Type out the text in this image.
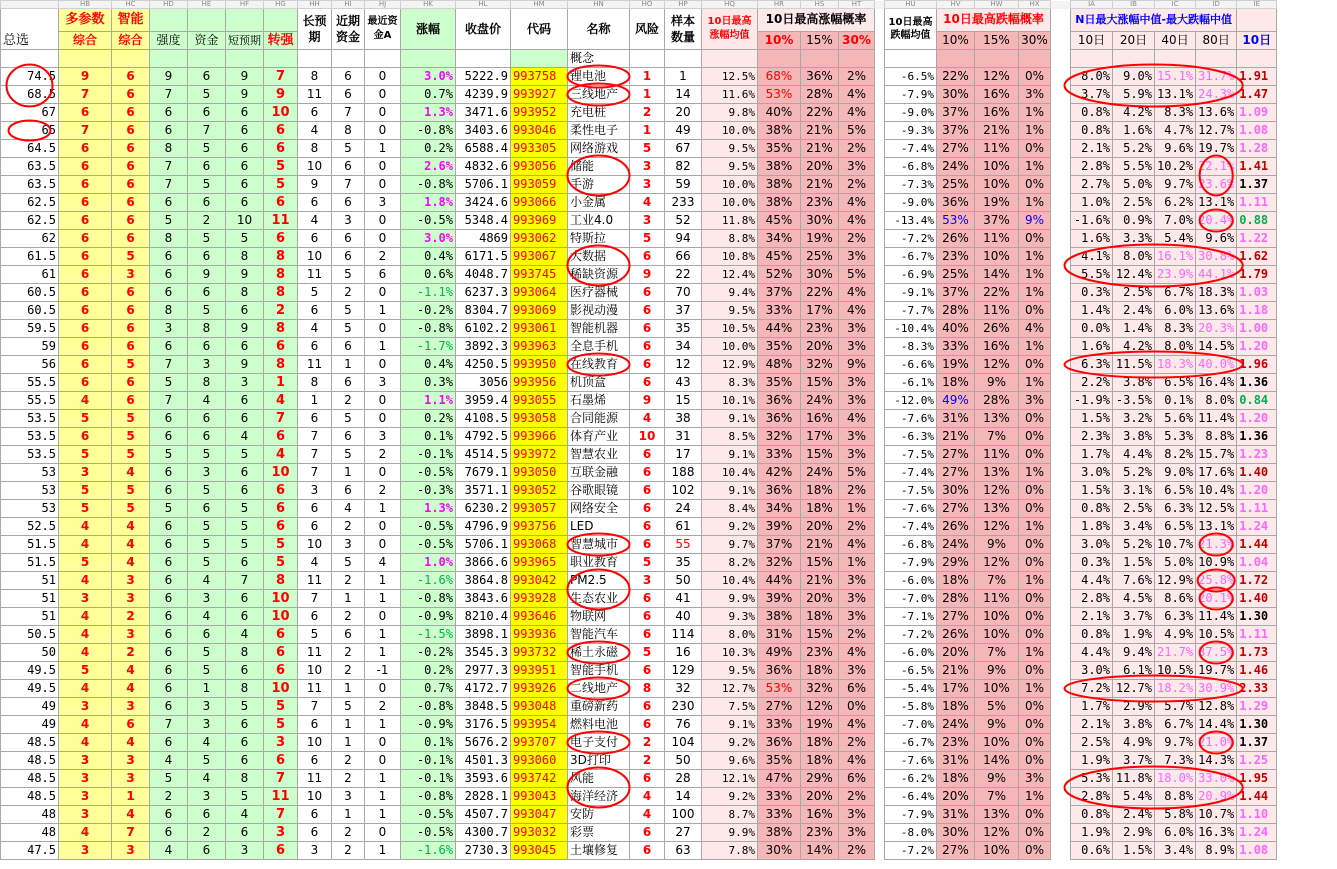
	HB	HC	HD	HE	HF	HG	HH	HI	HJ	HK	HL	HM	HN	HO	HP	HQ	HR	HS	HT		HU	HV	HW	HX		IA	IB	IC	ID	IE
总选	多参数	智能					长预期	近期资金	最近资金A	涨幅	收盘价	代码	名称	风险	样本数量	10日最高涨幅均值	10日最高涨幅概率				10日最高跌幅均值	10日最高跌幅概率				N日最大涨幅中值-最大跌幅中值				
	综合	综合	强度	资金	短预期	转强											10%	15%	30%			10%	15%	30%		10日	20日	40日	80日	10日
													概念																	
74.5	9	6	9	6	9	7	8	6	0	3.0%	5222.9	993758	锂电池	1	1	12.5%	68%	36%	2%		-6.5%	22%	12%	0%		8.0%	9.0%	15.1%	31.7%	1.91
68.5	7	6	7	5	9	9	11	6	0	0.7%	4239.9	993927	三线地产	1	14	11.6%	53%	28%	4%		-7.9%	30%	16%	3%		3.7%	5.9%	13.1%	24.3%	1.47
67	6	6	6	6	6	10	6	7	0	1.3%	3471.6	993952	充电桩	2	20	9.8%	40%	22%	4%		-9.0%	37%	16%	1%		0.8%	4.2%	8.3%	13.6%	1.09
65	7	6	6	7	6	6	4	8	0	-0.8%	3403.6	993046	柔性电子	1	49	10.0%	38%	21%	5%		-9.3%	37%	21%	1%		0.8%	1.6%	4.7%	12.7%	1.08
64.5	6	6	8	5	6	6	8	5	1	0.2%	6588.4	993305	网络游戏	5	67	9.5%	35%	21%	2%		-7.4%	27%	11%	0%		2.1%	5.2%	9.6%	19.7%	1.28
63.5	6	6	7	6	6	5	10	6	0	2.6%	4832.6	993056	储能	3	82	9.5%	38%	20%	3%		-6.8%	24%	10%	1%		2.8%	5.5%	10.2%	22.1%	1.41
63.5	6	6	7	5	6	5	9	7	0	-0.8%	5706.1	993059	手游	3	59	10.0%	38%	21%	2%		-7.3%	25%	10%	0%		2.7%	5.0%	9.7%	23.6%	1.37
62.5	6	6	6	6	6	6	6	6	3	1.8%	3424.6	993066	小金属	4	233	10.0%	38%	23%	4%		-9.0%	36%	19%	1%		1.0%	2.5%	6.2%	13.1%	1.11
62.5	6	6	5	2	10	11	4	3	0	-0.5%	5348.4	993969	工业4.0	3	52	11.8%	45%	30%	4%		-13.4%	53%	37%	9%		-1.6%	0.9%	7.0%	20.4%	0.88
62	6	6	8	5	5	6	6	6	0	3.0%	4869	993062	特斯拉	5	94	8.8%	34%	19%	2%		-7.2%	26%	11%	0%		1.6%	3.3%	5.4%	9.6%	1.22
61.5	6	5	6	6	8	8	10	6	2	0.4%	6171.5	993067	大数据	6	66	10.8%	45%	25%	3%		-6.7%	23%	10%	1%		4.1%	8.0%	16.1%	30.8%	1.62
61	6	3	6	9	9	8	11	5	6	0.6%	4048.7	993745	稀缺资源	9	22	12.4%	52%	30%	5%		-6.9%	25%	14%	1%		5.5%	12.4%	23.9%	44.1%	1.79
60.5	6	6	6	6	8	8	5	2	0	-1.1%	6237.3	993064	医疗器械	6	70	9.4%	37%	22%	4%		-9.1%	37%	22%	1%		0.3%	2.5%	6.7%	18.3%	1.03
60.5	6	6	8	5	6	2	6	5	1	-0.2%	8304.7	993069	影视动漫	6	37	9.5%	33%	17%	4%		-7.7%	28%	11%	0%		1.4%	2.4%	6.0%	13.6%	1.18
59.5	6	6	3	8	9	8	4	5	0	-0.8%	6102.2	993061	智能机器	6	35	10.5%	44%	23%	3%		-10.4%	40%	26%	4%		0.0%	1.4%	8.3%	20.3%	1.00
59	6	6	6	6	6	6	6	6	1	-1.7%	3892.3	993963	全息手机	6	34	10.0%	35%	20%	3%		-8.3%	33%	16%	1%		1.6%	4.2%	8.0%	14.5%	1.20
56	6	5	7	3	9	8	11	1	0	0.4%	4250.5	993950	在线教育	6	12	12.9%	48%	32%	9%		-6.6%	19%	12%	0%		6.3%	11.5%	18.3%	40.0%	1.96
55.5	6	6	5	8	3	1	8	6	3	0.3%	3056	993956	机顶盒	6	43	8.3%	35%	15%	3%		-6.1%	18%	9%	1%		2.2%	3.8%	6.5%	16.4%	1.36
55.5	4	6	7	4	6	4	1	2	0	1.1%	3959.4	993055	石墨烯	9	15	10.1%	36%	24%	3%		-12.0%	49%	28%	3%		-1.9%	-3.5%	0.1%	8.0%	0.84
53.5	5	5	6	6	6	7	6	5	0	0.2%	4108.5	993058	合同能源	4	38	9.1%	36%	16%	4%		-7.6%	31%	13%	0%		1.5%	3.2%	5.6%	11.4%	1.20
53.5	6	5	6	6	4	6	7	6	3	0.1%	4792.5	993966	体育产业	10	31	8.5%	32%	17%	3%		-6.3%	21%	7%	0%		2.3%	3.8%	5.3%	8.8%	1.36
53.5	5	5	5	5	5	4	7	5	2	-0.1%	4514.5	993972	智慧农业	6	17	9.1%	33%	15%	3%		-7.5%	27%	11%	0%		1.7%	4.4%	8.2%	15.7%	1.23
53	3	4	6	3	6	10	7	1	0	-0.5%	7679.1	993050	互联金融	6	188	10.4%	42%	24%	5%		-7.4%	27%	13%	1%		3.0%	5.2%	9.0%	17.6%	1.40
53	5	5	6	5	6	6	3	6	2	-0.3%	3571.1	993052	谷歌眼镜	6	102	9.1%	36%	18%	2%		-7.5%	30%	12%	0%		1.5%	3.1%	6.5%	10.4%	1.20
53	5	5	5	6	5	6	6	4	1	1.3%	6230.2	993057	网络安全	6	24	8.4%	34%	18%	1%		-7.6%	27%	13%	0%		0.8%	2.5%	6.3%	12.5%	1.11
52.5	4	4	6	5	5	6	6	2	0	-0.5%	4796.9	993756	LED	6	61	9.2%	39%	20%	2%		-7.4%	26%	12%	1%		1.8%	3.4%	6.5%	13.1%	1.24
51.5	4	4	6	5	5	5	10	3	0	-0.5%	5706.1	993068	智慧城市	6	55	9.7%	37%	21%	4%		-6.8%	24%	9%	0%		3.0%	5.2%	10.7%	21.3%	1.44
51.5	5	4	6	5	6	5	4	5	4	1.0%	3866.6	993965	职业教育	5	35	8.2%	32%	15%	1%		-7.9%	29%	12%	0%		0.3%	1.5%	5.0%	10.9%	1.04
51	4	3	6	4	7	8	11	2	1	-1.6%	3864.8	993042	PM2.5	3	50	10.4%	44%	21%	3%		-6.0%	18%	7%	1%		4.4%	7.6%	12.9%	25.8%	1.72
51	3	3	6	3	6	10	7	1	1	-0.8%	3843.6	993928	生态农业	6	41	9.9%	39%	20%	3%		-7.0%	28%	11%	0%		2.8%	4.5%	8.6%	20.1%	1.40
51	4	2	6	4	6	10	6	2	0	-0.9%	8210.4	993646	物联网	6	40	9.3%	38%	18%	3%		-7.1%	27%	10%	0%		2.1%	3.7%	6.3%	11.4%	1.30
50.5	4	3	6	6	4	6	5	6	1	-1.5%	3898.1	993936	智能汽车	6	114	8.0%	31%	15%	2%		-7.2%	26%	10%	0%		0.8%	1.9%	4.9%	10.5%	1.11
50	4	2	6	5	8	6	11	2	1	-0.2%	3545.3	993732	稀土永磁	5	16	10.3%	49%	23%	4%		-6.0%	20%	7%	1%		4.4%	9.4%	21.7%	37.5%	1.73
49.5	5	4	6	5	6	6	10	2	-1	0.2%	2977.3	993951	智能手机	6	129	9.5%	36%	18%	3%		-6.5%	21%	9%	0%		3.0%	6.1%	10.5%	19.7%	1.46
49.5	4	4	6	1	8	10	11	1	0	0.7%	4172.7	993926	二线地产	8	32	12.7%	53%	32%	6%		-5.4%	17%	10%	1%		7.2%	12.7%	18.2%	30.9%	2.33
49	3	3	6	3	5	5	7	5	2	-0.8%	3848.5	993048	重磅新药	6	230	7.5%	27%	12%	0%		-5.8%	18%	5%	0%		1.7%	2.9%	5.7%	12.8%	1.29
49	4	6	7	3	6	5	6	1	1	-0.9%	3176.5	993954	燃料电池	6	76	9.1%	33%	19%	4%		-7.0%	24%	9%	0%		2.1%	3.8%	6.7%	14.4%	1.30
48.5	4	4	6	4	6	3	10	1	0	0.1%	5676.2	993707	电子支付	2	104	9.2%	36%	18%	2%		-6.7%	23%	10%	0%		2.5%	4.9%	9.7%	21.0%	1.37
48.5	3	3	4	5	6	6	6	2	0	-0.1%	4501.3	993060	3D打印	2	50	9.6%	35%	18%	4%		-7.6%	31%	14%	0%		1.9%	3.7%	7.3%	14.3%	1.25
48.5	3	3	5	4	8	7	11	2	1	-0.1%	3593.6	993742	风能	6	28	12.1%	47%	29%	6%		-6.2%	18%	9%	3%		5.3%	11.8%	18.0%	33.0%	1.95
48.5	3	1	2	3	5	11	10	3	1	-0.8%	2828.1	993043	海洋经济	4	14	9.2%	33%	20%	2%		-6.4%	20%	7%	1%		2.8%	5.4%	8.8%	20.9%	1.44
48	3	4	6	6	4	7	6	1	1	-0.5%	4507.7	993047	安防	4	100	8.7%	33%	16%	3%		-7.9%	31%	13%	0%		0.8%	2.4%	5.8%	10.7%	1.10
48	4	7	6	2	6	3	6	2	0	-0.5%	4300.7	993032	彩票	6	27	9.9%	38%	23%	3%		-8.0%	30%	12%	0%		1.9%	2.9%	6.0%	16.3%	1.24
47.5	3	3	4	6	3	6	3	2	1	-1.6%	2730.3	993045	土壤修复	6	63	7.8%	30%	14%	2%		-7.2%	27%	10%	0%		0.6%	1.5%	3.4%	8.9%	1.08
